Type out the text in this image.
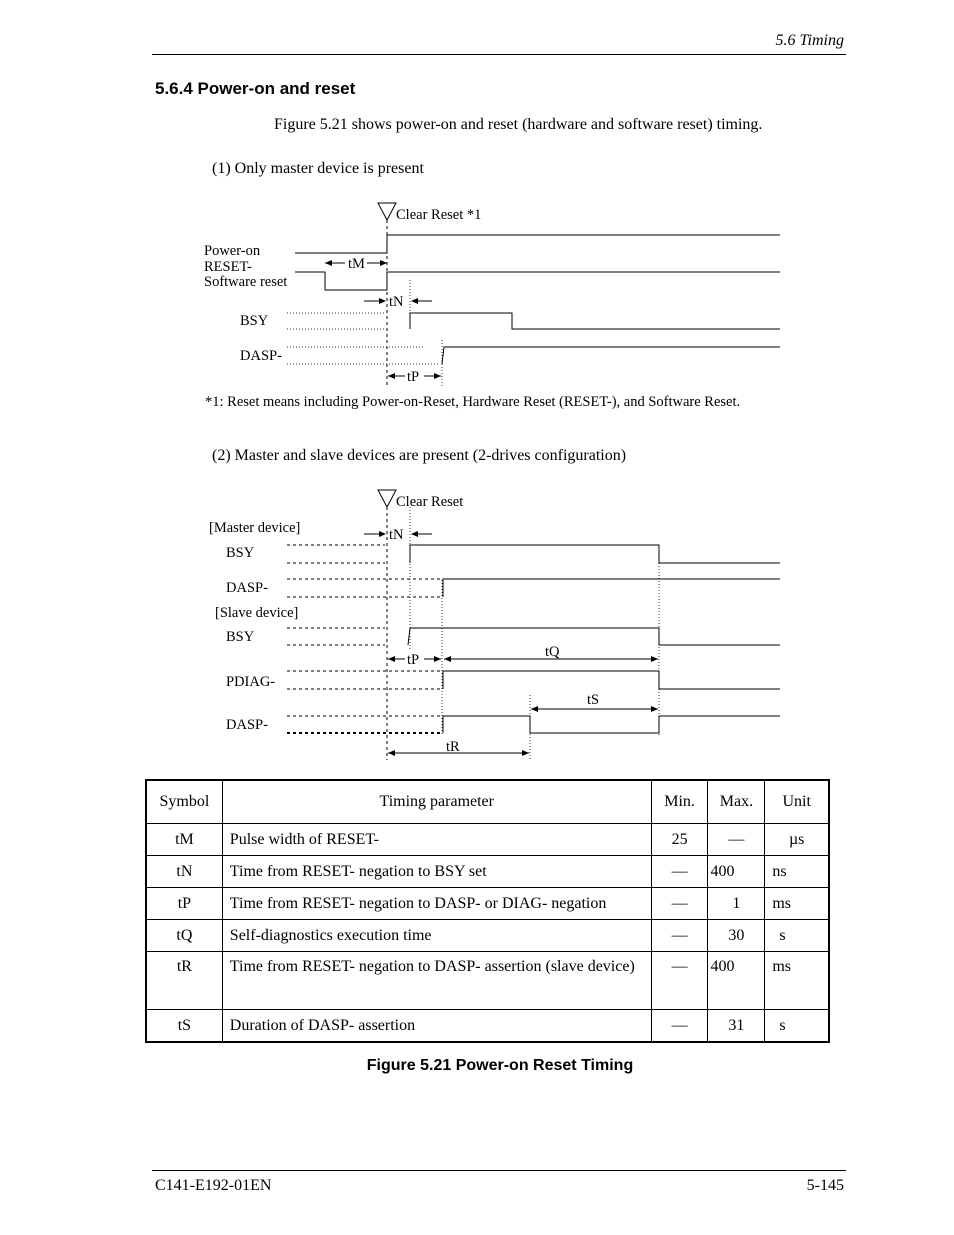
5.6 Timing
5.6.4 Power-on and reset
Figure 5.21 shows power-on and reset (hardware and software reset) timing.
(1) Only master device is present
Clear Reset *1
Power-on
RESET-
Software reset
BSY
DASP-
tM
tN
tP
*1: Reset means including Power-on-Reset, Hardware Reset (RESET-), and Software Reset.
(2) Master and slave devices are present (2-drives configuration)
Clear Reset
[Master device]
BSY
DASP-
[Slave device]
BSY
PDIAG-
DASP-
tN
tP	tQ
tS
tR
Symbol	Timing parameter	Min.	Max.	Unit
tM	Pulse width of RESET-	25	—	µs
tN	Time from RESET- negation to BSY set	—	400	ns
tP	Time from RESET- negation to DASP- or DIAG- negation	—	1	ms
tQ	Self-diagnostics execution time	—	30	s
tR	Time from RESET- negation to DASP- assertion (slave device)	—	400	ms
tS	Duration of DASP- assertion	—	31	s
Figure 5.21 Power-on Reset Timing
C141-E192-01EN	5-145
